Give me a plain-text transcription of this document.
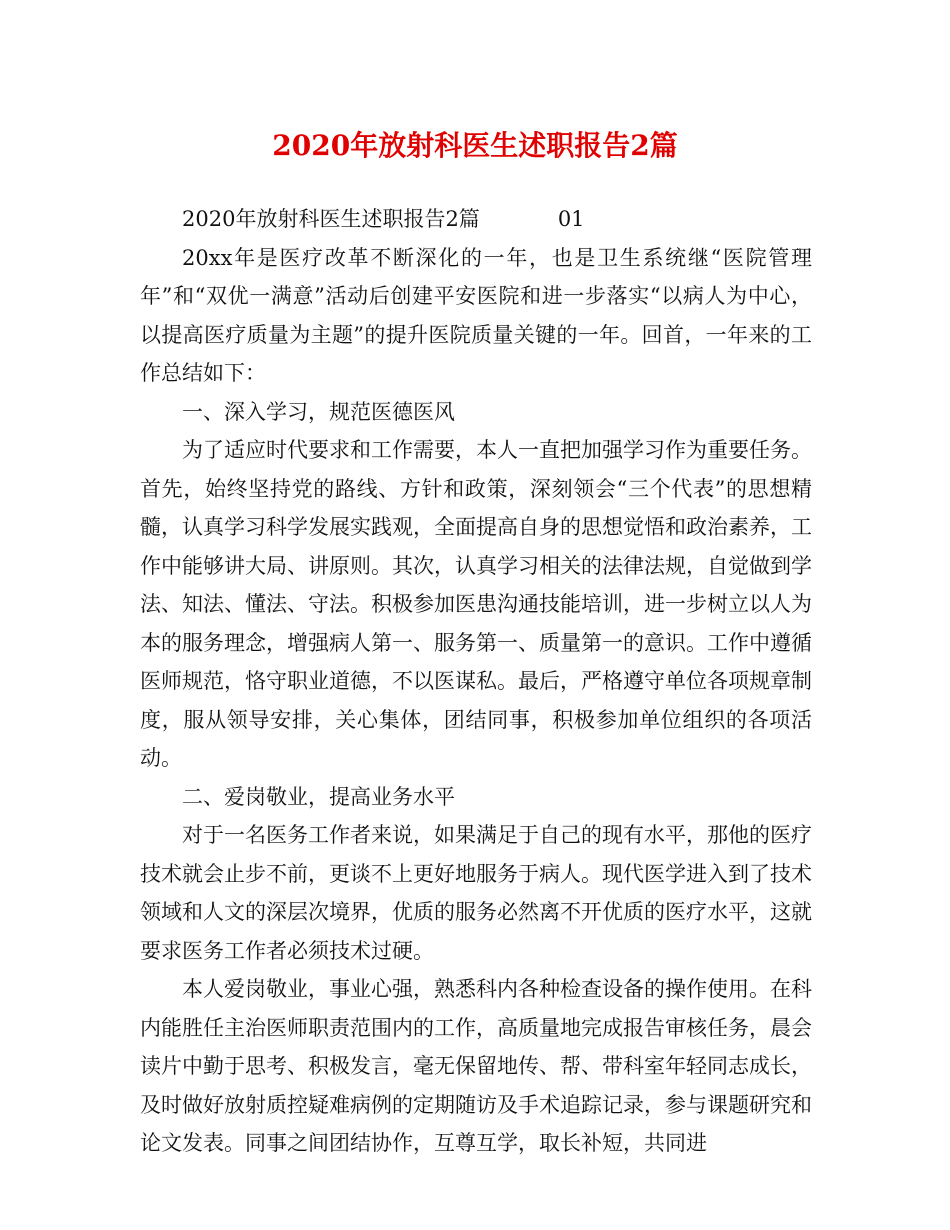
2020年放射科医生述职报告2篇

2020年放射科医生述职报告2篇	01

20xx年是医疗改革不断深化的一年，也是卫生系统继“医院管理年”和“双优一满意”活动后创建平安医院和进一步落实“以病人为中心，以提高医疗质量为主题”的提升医院质量关键的一年。回首，一年来的工作总结如下：

一、深入学习，规范医德医风

为了适应时代要求和工作需要，本人一直把加强学习作为重要任务。首先，始终坚持党的路线、方针和政策，深刻领会“三个代表”的思想精髓，认真学习科学发展实践观，全面提高自身的思想觉悟和政治素养，工作中能够讲大局、讲原则。其次，认真学习相关的法律法规，自觉做到学法、知法、懂法、守法。积极参加医患沟通技能培训，进一步树立以人为本的服务理念，增强病人第一、服务第一、质量第一的意识。工作中遵循医师规范，恪守职业道德，不以医谋私。最后，严格遵守单位各项规章制度，服从领导安排，关心集体，团结同事，积极参加单位组织的各项活动。

二、爱岗敬业，提高业务水平

对于一名医务工作者来说，如果满足于自己的现有水平，那他的医疗技术就会止步不前，更谈不上更好地服务于病人。现代医学进入到了技术领域和人文的深层次境界，优质的服务必然离不开优质的医疗水平，这就要求医务工作者必须技术过硬。

本人爱岗敬业，事业心强，熟悉科内各种检查设备的操作使用。在科内能胜任主治医师职责范围内的工作，高质量地完成报告审核任务，晨会读片中勤于思考、积极发言，毫无保留地传、帮、带科室年轻同志成长，及时做好放射质控疑难病例的定期随访及手术追踪记录，参与课题研究和论文发表。同事之间团结协作，互尊互学，取长补短，共同进
